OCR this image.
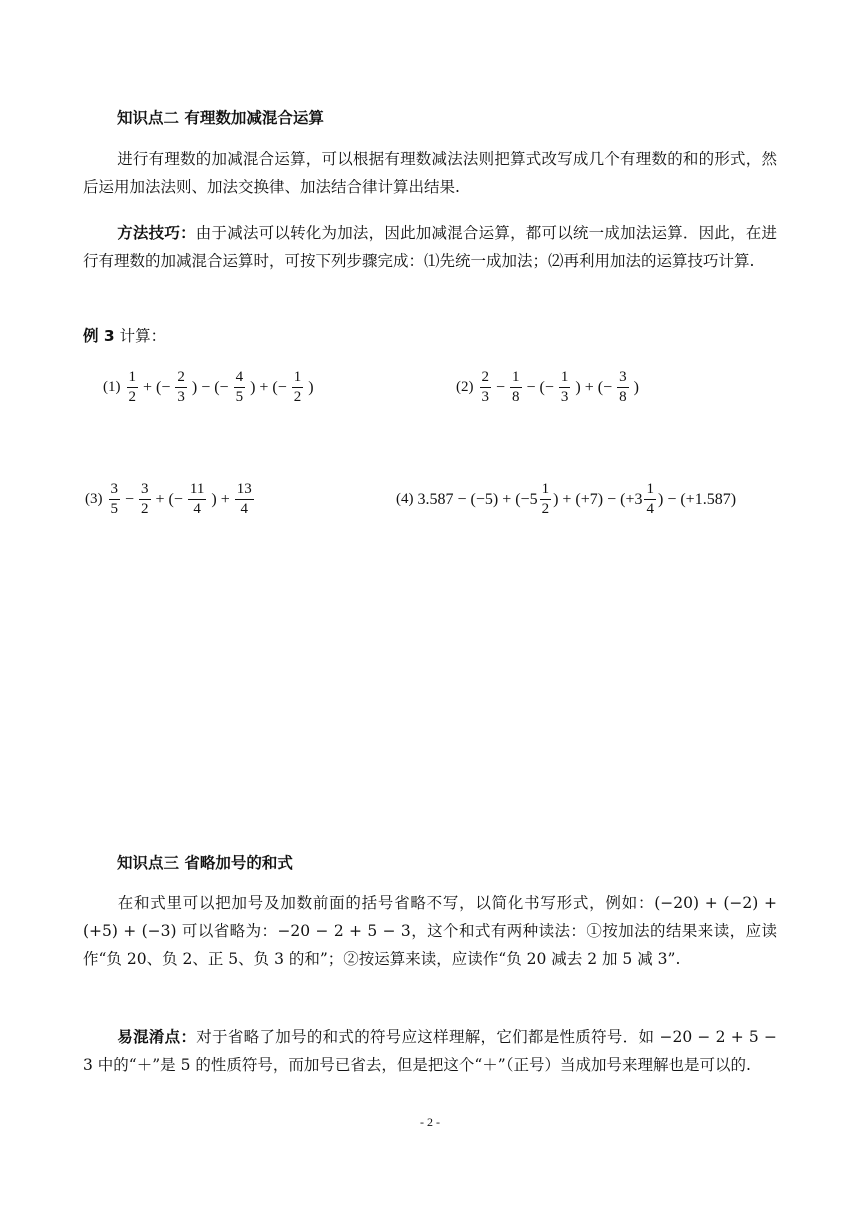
知识点二 有理数加减混合运算
进行有理数的加减混合运算，可以根据有理数减法法则把算式改写成几个有理数的和的形式，然后运用加法法则、加法交换律、加法结合律计算出结果.
方法技巧：由于减法可以转化为加法，因此加减混合运算，都可以统一成加法运算．因此，在进行有理数的加减混合运算时，可按下列步骤完成：⑴先统一成加法；⑵再利用加法的运算技巧计算.
例 3 计算：
$(1) \frac{1}{2}$ + (− $\frac{2}{3}$ ) − (− $\frac{4}{5}$ ) + (− $\frac{1}{2}$ )	$(2) \frac{2}{3} - \frac{1}{8}$ − (− $\frac{1}{3}$ ) + (− $\frac{3}{8}$ )
$(3) \frac{3}{5} - \frac{3}{2}$ + (− $\frac{11}{4}$ ) + $\frac{13}{4}$	(4) $3.587 - (-5) + (-5 \frac{1}{2}$ ) + $(+7) - (+3 \frac{1}{4}$ ) − (+1.587)
知识点三 省略加号的和式
在和式里可以把加号及加数前面的括号省略不写，以简化书写形式，例如：(−20) + (−2) + (+5) + (−3) 可以省略为：−20 − 2 + 5 − 3，这个和式有两种读法：①按加法的结果来读，应读作“负 20、负 2、正 5、负 3 的和”；②按运算来读，应读作“负 20 减去 2 加 5 减 3”.
易混淆点：对于省略了加号的和式的符号应这样理解，它们都是性质符号．如 −20 − 2 + 5 − 3 中的“＋”是 5 的性质符号，而加号已省去，但是把这个“＋”（正号）当成加号来理解也是可以的.
- 2 -
